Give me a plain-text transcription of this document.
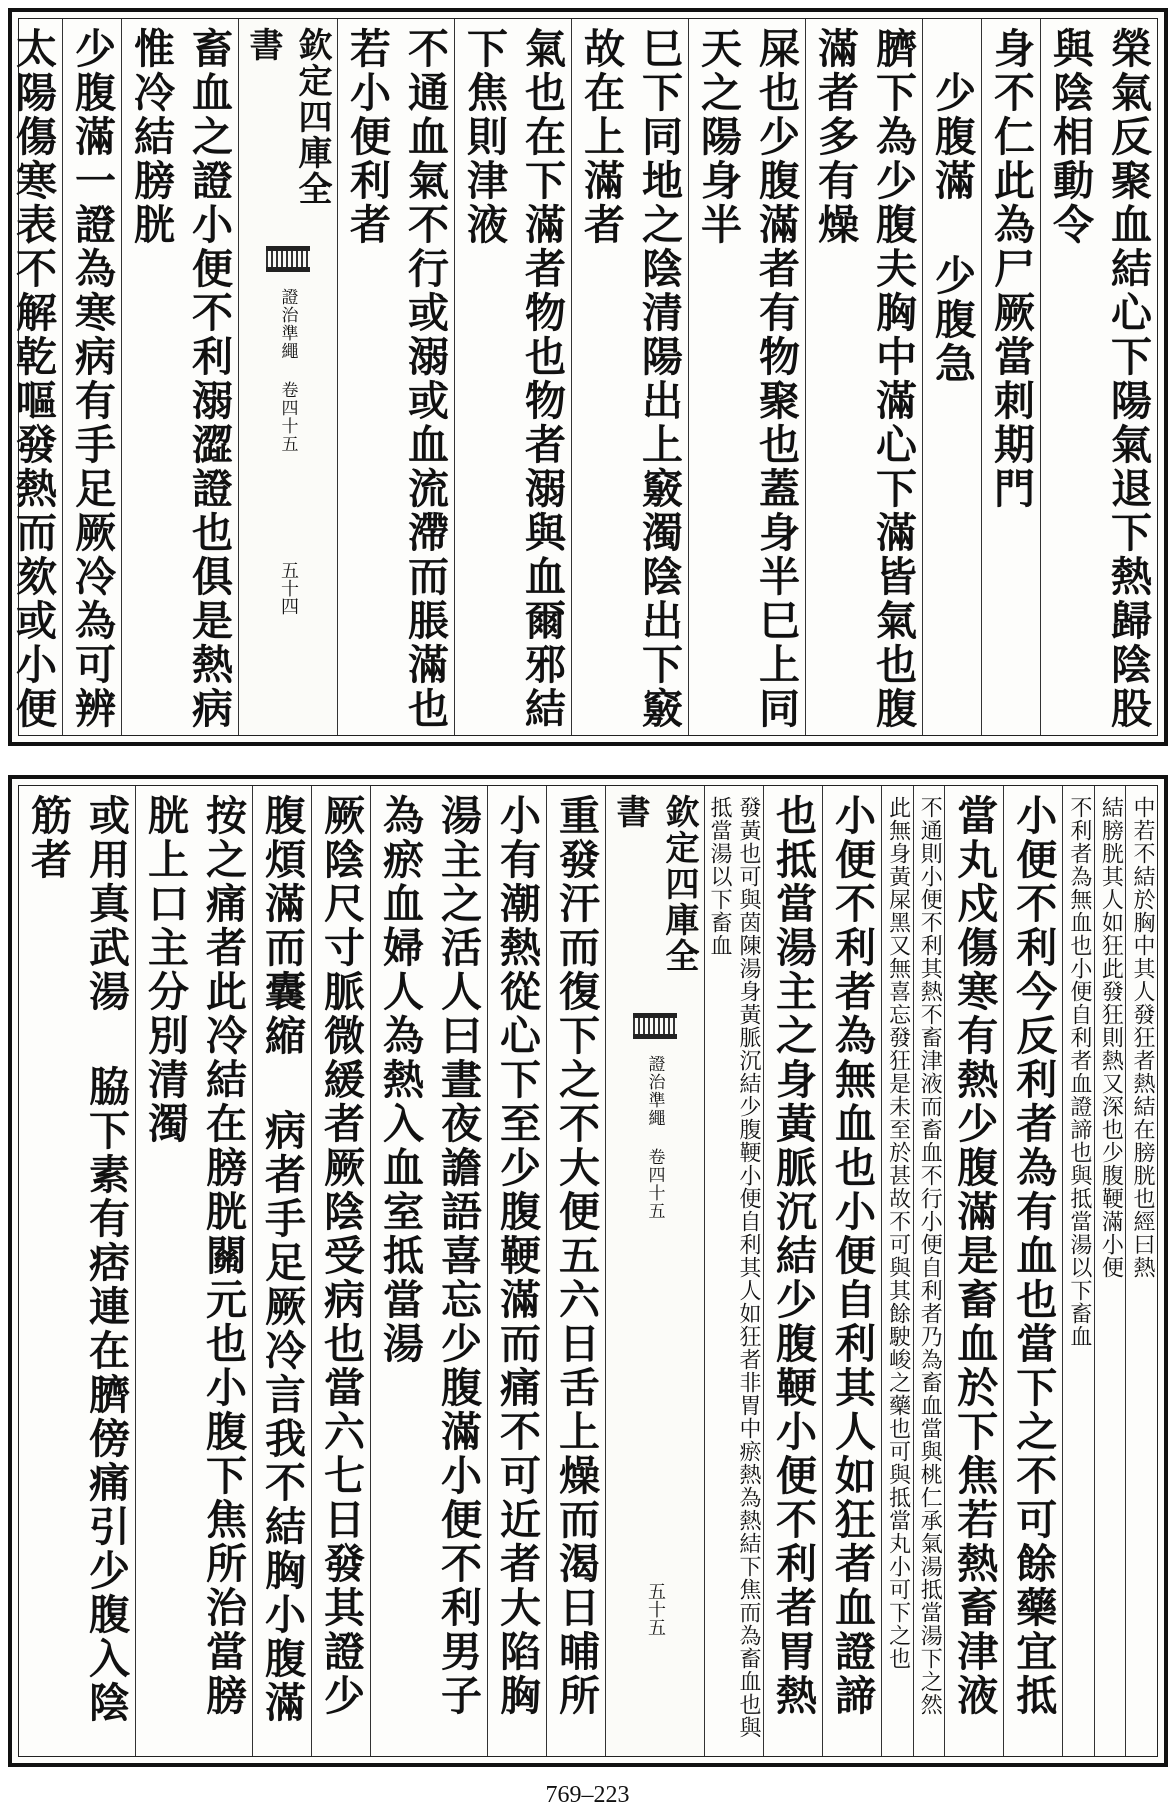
榮氣反聚血結心下陽氣退下熱歸陰股與陰相動令
身不仁此為尸厥當刺期門
　少腹滿 少腹急
臍下為少腹夫胸中滿心下滿皆氣也腹滿者多有燥
屎也少腹滿者有物聚也蓋身半巳上同天之陽身半
巳下同地之陰清陽出上竅濁陰出下竅故在上滿者
氣也在下滿者物也物者溺與血爾邪結下焦則津液
不通血氣不行或溺或血流滯而脹滿也若小便利者
欽定四庫全書
證治準繩 卷四十五
五十四
畜血之證小便不利溺澀證也俱是熱病惟冷結膀胱
少腹滿一證為寒病有手足厥冷為可辨
太陽傷寒表不解乾嘔發熱而欬或小便
中若不結於胸中其人發狂者熱結在膀胱也經曰熱
結膀胱其人如狂此發狂則熱又深也少腹鞕滿小便
不利者為無血也小便自利者血證諦也與抵當湯以下畜血
小便不利今反利者為有血也當下之不可餘藥宜抵
當丸戍傷寒有熱少腹滿是畜血於下焦若熱畜津液
不通則小便不利其熱不畜津液而畜血不行小便自利者乃為畜血當與桃仁承氣湯抵當湯下之然
此無身黃屎黑又無喜忘發狂是未至於甚故不可與其餘駛峻之藥也可與抵當丸小可下之也
小便不利者為無血也小便自利其人如狂者血證諦
也抵當湯主之身黃脈沉結少腹鞕小便不利者胃熱
發黃也可與茵陳湯身黃脈沉結少腹鞕小便自利其人如狂者非胃中瘀熱為熱結下焦而為畜血也與抵當湯以下畜血
欽定四庫全書
證治準繩 卷四十五
五十五
重發汗而復下之不大便五六日舌上燥而渴日晡所
小有潮熱從心下至少腹鞕滿而痛不可近者大陷胸
湯主之活人曰晝夜譫語喜忘少腹滿小便不利男子為瘀血婦人為熱入血室抵當湯
厥陰尺寸脈微緩者厥陰受病也當六七日發其證少
腹煩滿而囊縮 病者手足厥冷言我不結胸小腹滿
按之痛者此冷結在膀胱關元也小腹下焦所治當膀胱上口主分別清濁
或用真武湯 脇下素有痞連在臍傍痛引少腹入陰筋者
769–223
